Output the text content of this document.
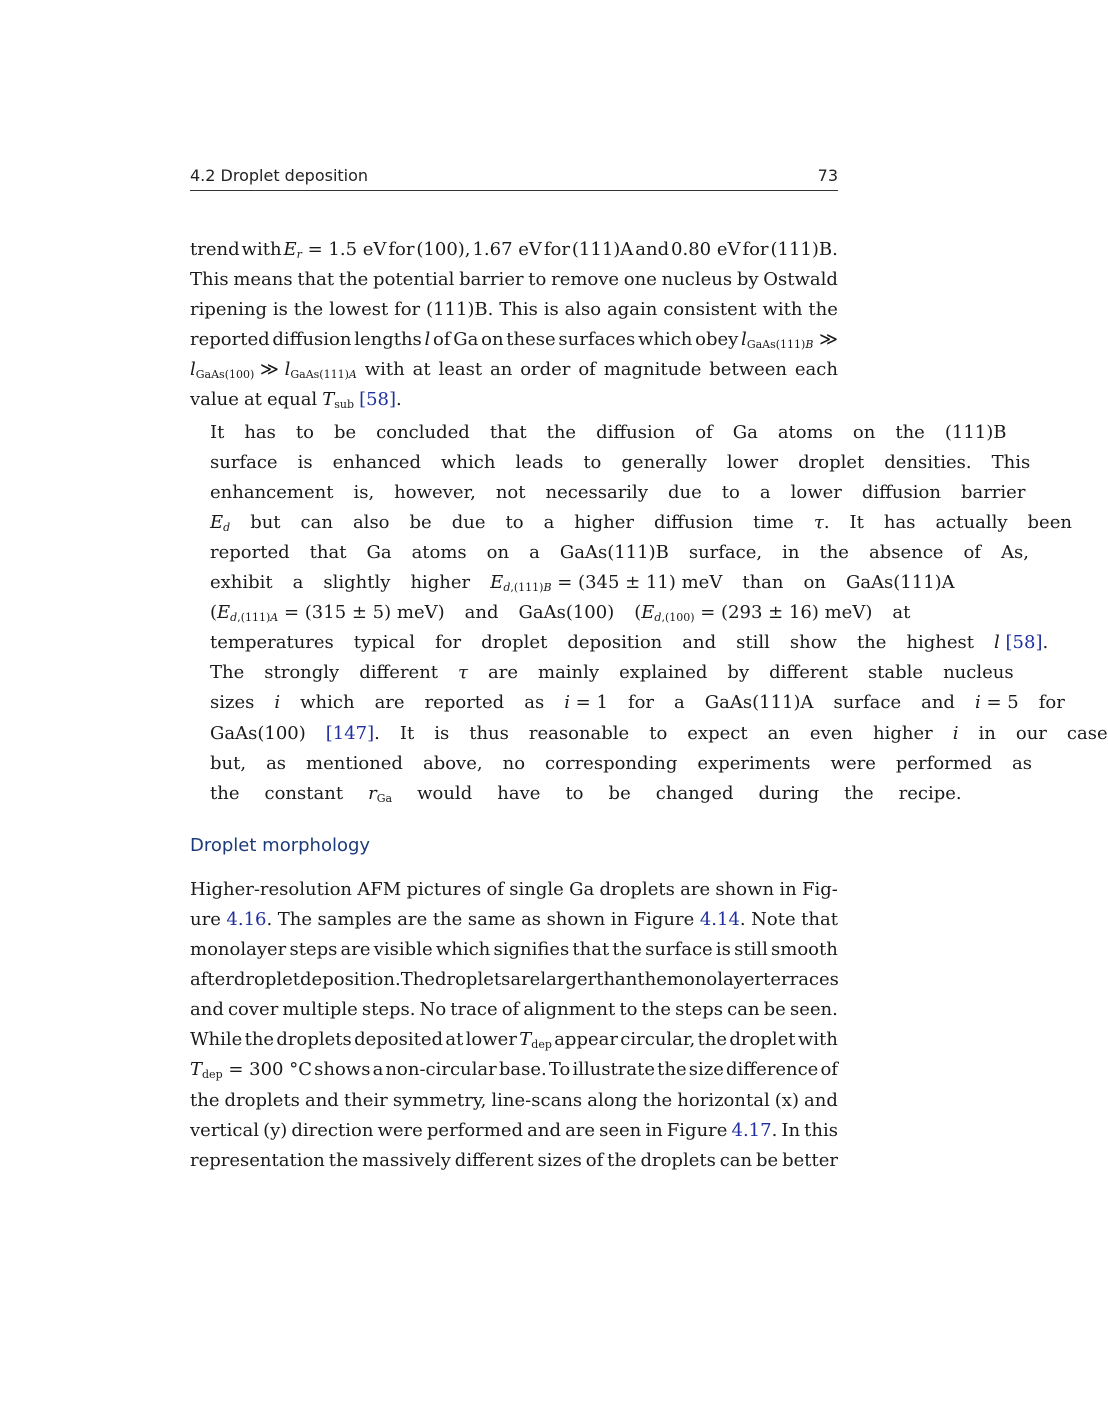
4.2 Droplet deposition	73

trend with $E_r = 1.5$ eV for (100), 1.67 eV for (111)A and 0.80 eV for (111)B.
This means that the potential barrier to remove one nucleus by Ostwald
ripening is the lowest for (111)B. This is also again consistent with the
reported diffusion lengths l of Ga on these surfaces which obey $l_{GaAs(111)B}$ ≫
$l_{GaAs(100)}$ ≫ $l_{GaAs(111)A}$ with at least an order of magnitude between each
value at equal $T_{sub}$ [58].

It	has	to	be	concluded	that	the	diffusion	of	Ga	atoms	on	the	(111)B
surface	is	enhanced	which	leads	to	generally	lower	droplet	densities.	This
enhancement	is,	however,	not	necessarily	due	to	a	lower	diffusion	barrier
$E_d$	but	can	also	be	due	to	a	higher	diffusion	time	τ.	It	has	actually	been
reported	that	Ga	atoms	on	a	GaAs(111)B	surface,	in	the	absence	of	As,
exhibit	a	slightly	higher	$E_{d,(111)B} = (345 \pm 11)$ meV	than	on	GaAs(111)A
($E_{d,(111)A} = (315 \pm 5)$ meV)	and	GaAs(100)	($E_{d,(100)} = (293 \pm 16)$ meV)	at
temperatures	typical	for	droplet	deposition	and	still	show	the	highest	l [58].
The	strongly	different	τ	are	mainly	explained	by	different	stable	nucleus
sizes	i	which	are	reported	as	i = 1	for	a	GaAs(111)A	surface	and	i = 5	for
GaAs(100)	[147].	It	is	thus	reasonable	to	expect	an	even	higher	i	in	our	case
but,	as	mentioned	above,	no	corresponding	experiments	were	performed	as
the	constant	$r_{Ga}$	would	have	to	be	changed	during	the	recipe.

Droplet morphology

Higher-resolution AFM pictures of single Ga droplets are shown in Fig-
ure 4.16. The samples are the same as shown in Figure 4.14. Note that
monolayer steps are visible which signifies that the surface is still smooth
after droplet deposition. The droplets are larger than the monolayer terraces
and cover multiple steps. No trace of alignment to the steps can be seen.
While the droplets deposited at lower $T_{dep}$ appear circular, the droplet with
$T_{dep} = 300$ °C shows a non-circular base. To illustrate the size difference of
the droplets and their symmetry, line-scans along the horizontal (x) and
vertical (y) direction were performed and are seen in Figure 4.17. In this
representation the massively different sizes of the droplets can be better
